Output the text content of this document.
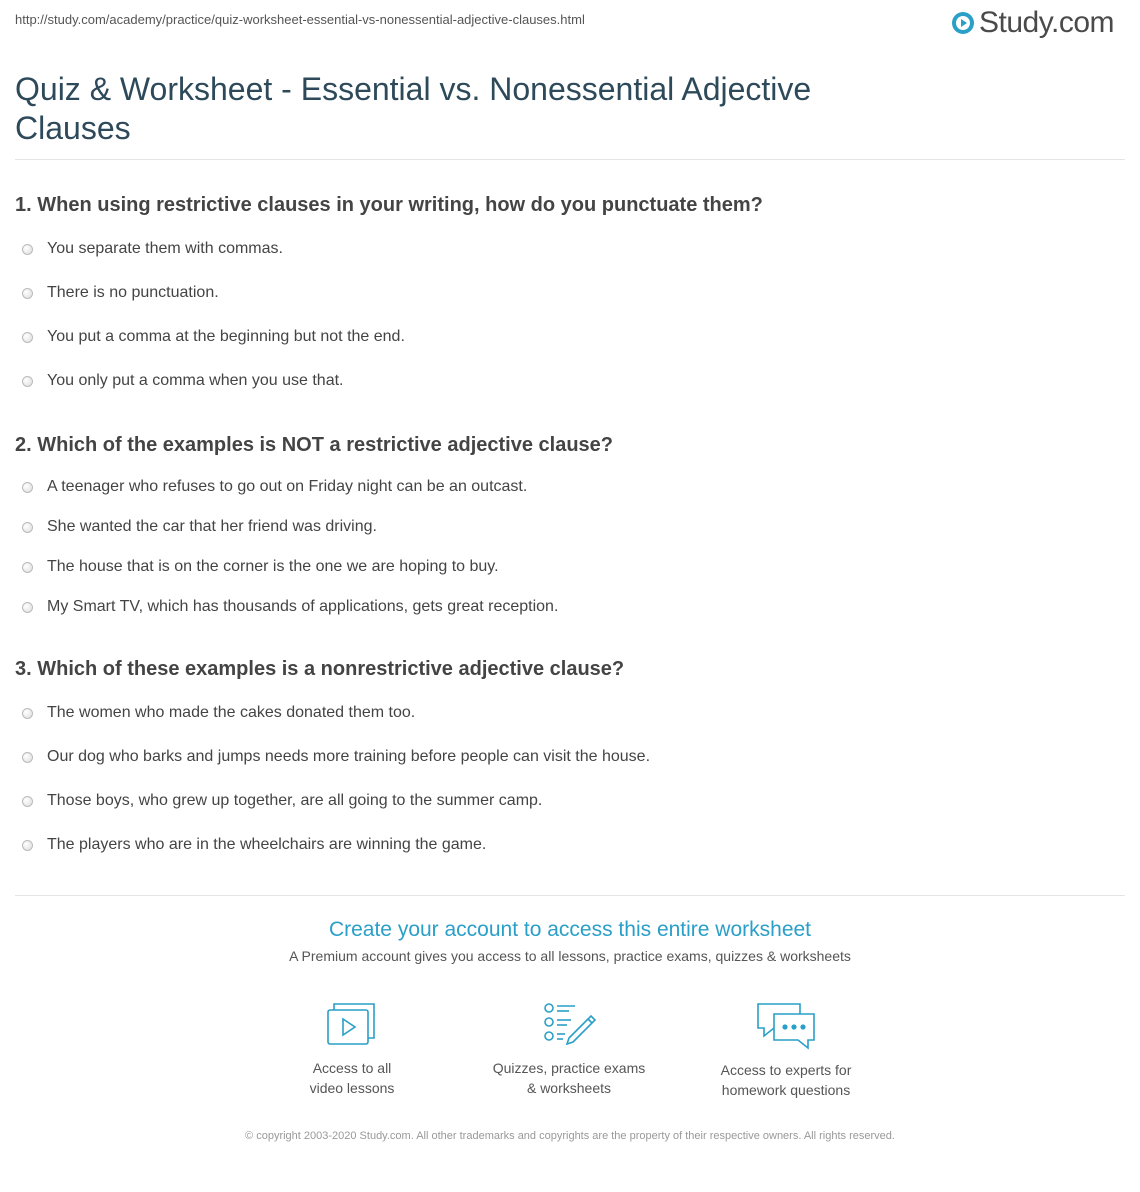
http://study.com/academy/practice/quiz-worksheet-essential-vs-nonessential-adjective-clauses.html	Study.com
Quiz & Worksheet - Essential vs. Nonessential Adjective Clauses
1. When using restrictive clauses in your writing, how do you punctuate them?
You separate them with commas.
There is no punctuation.
You put a comma at the beginning but not the end.
You only put a comma when you use that.
2. Which of the examples is NOT a restrictive adjective clause?
A teenager who refuses to go out on Friday night can be an outcast.
She wanted the car that her friend was driving.
The house that is on the corner is the one we are hoping to buy.
My Smart TV, which has thousands of applications, gets great reception.
3. Which of these examples is a nonrestrictive adjective clause?
The women who made the cakes donated them too.
Our dog who barks and jumps needs more training before people can visit the house.
Those boys, who grew up together, are all going to the summer camp.
The players who are in the wheelchairs are winning the game.
Create your account to access this entire worksheet
A Premium account gives you access to all lessons, practice exams, quizzes & worksheets
Access to all
video lessons
Quizzes, practice exams
& worksheets
Access to experts for
homework questions
© copyright 2003-2020 Study.com. All other trademarks and copyrights are the property of their respective owners. All rights reserved.
